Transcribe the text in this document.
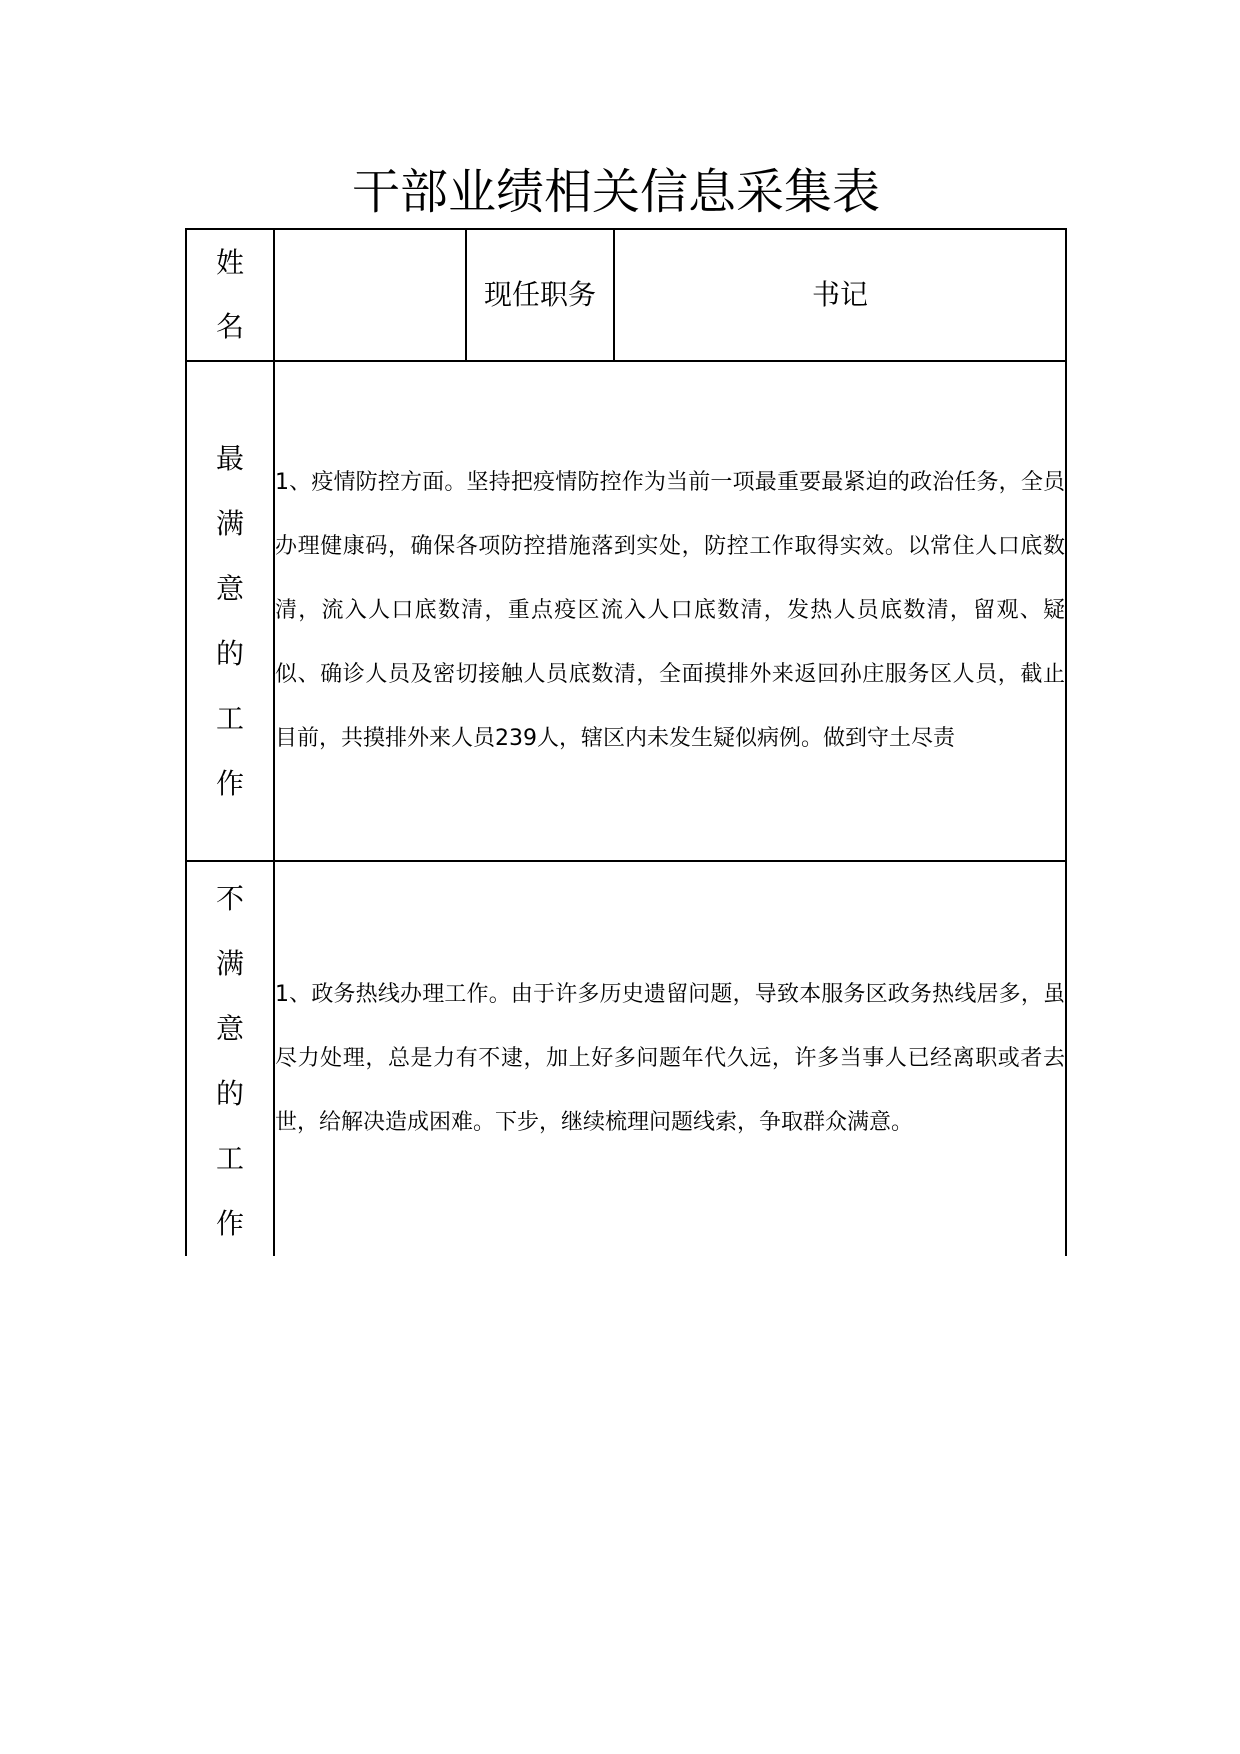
干部业绩相关信息采集表
姓名		现任职务	书记

最满意的工作	1、疫情防控方面。坚持把疫情防控作为当前一项最重要最紧迫的政治任务，全员办理健康码，确保各项防控措施落到实处，防控工作取得实效。以常住人口底数清，流入人口底数清，重点疫区流入人口底数清，发热人员底数清，留观、疑似、确诊人员及密切接触人员底数清，全面摸排外来返回孙庄服务区人员，截止目前，共摸排外来人员239人，辖区内未发生疑似病例。做到守土尽责		

不满意的工作	1、政务热线办理工作。由于许多历史遗留问题，导致本服务区政务热线居多，虽尽力处理，总是力有不逮，加上好多问题年代久远，许多当事人已经离职或者去世，给解决造成困难。下步，继续梳理问题线索，争取群众满意。		
